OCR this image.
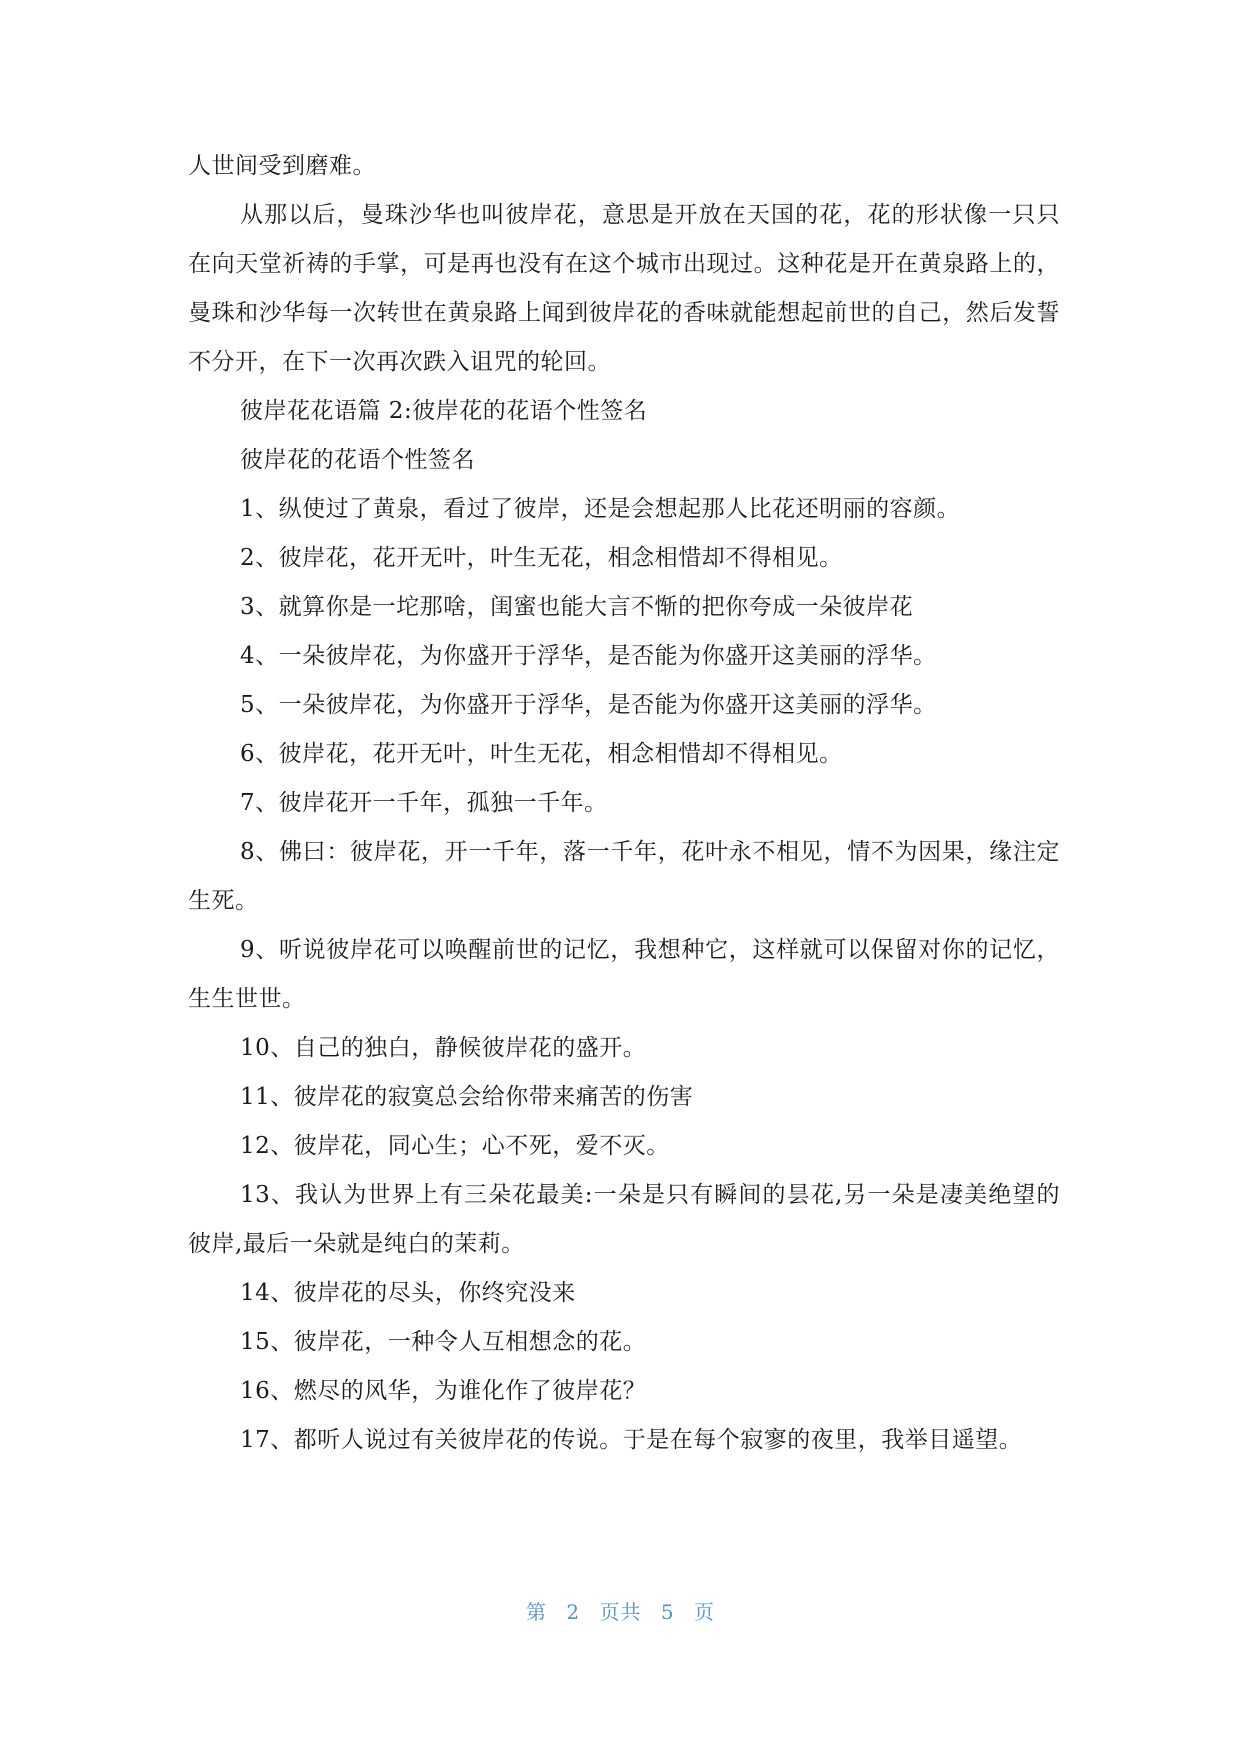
人世间受到磨难。

从那以后，曼珠沙华也叫彼岸花，意思是开放在天国的花，花的形状像一只只在向天堂祈祷的手掌，可是再也没有在这个城市出现过。这种花是开在黄泉路上的，曼珠和沙华每一次转世在黄泉路上闻到彼岸花的香味就能想起前世的自己，然后发誓不分开，在下一次再次跌入诅咒的轮回。

彼岸花花语篇 2:彼岸花的花语个性签名

彼岸花的花语个性签名

1、纵使过了黄泉，看过了彼岸，还是会想起那人比花还明丽的容颜。

2、彼岸花，花开无叶，叶生无花，相念相惜却不得相见。

3、就算你是一坨那啥，闺蜜也能大言不惭的把你夸成一朵彼岸花

4、一朵彼岸花，为你盛开于浮华，是否能为你盛开这美丽的浮华。

5、一朵彼岸花，为你盛开于浮华，是否能为你盛开这美丽的浮华。

6、彼岸花，花开无叶，叶生无花，相念相惜却不得相见。

7、彼岸花开一千年，孤独一千年。

8、佛曰：彼岸花，开一千年，落一千年，花叶永不相见，情不为因果，缘注定生死。

9、听说彼岸花可以唤醒前世的记忆，我想种它，这样就可以保留对你的记忆，生生世世。

10、自己的独白，静候彼岸花的盛开。

11、彼岸花的寂寞总会给你带来痛苦的伤害

12、彼岸花，同心生；心不死，爱不灭。

13、我认为世界上有三朵花最美:一朵是只有瞬间的昙花,另一朵是凄美绝望的彼岸,最后一朵就是纯白的茉莉。

14、彼岸花的尽头，你终究没来

15、彼岸花，一种令人互相想念的花。

16、燃尽的风华，为谁化作了彼岸花？

17、都听人说过有关彼岸花的传说。于是在每个寂寥的夜里，我举目遥望。

第 2 页共 5 页
